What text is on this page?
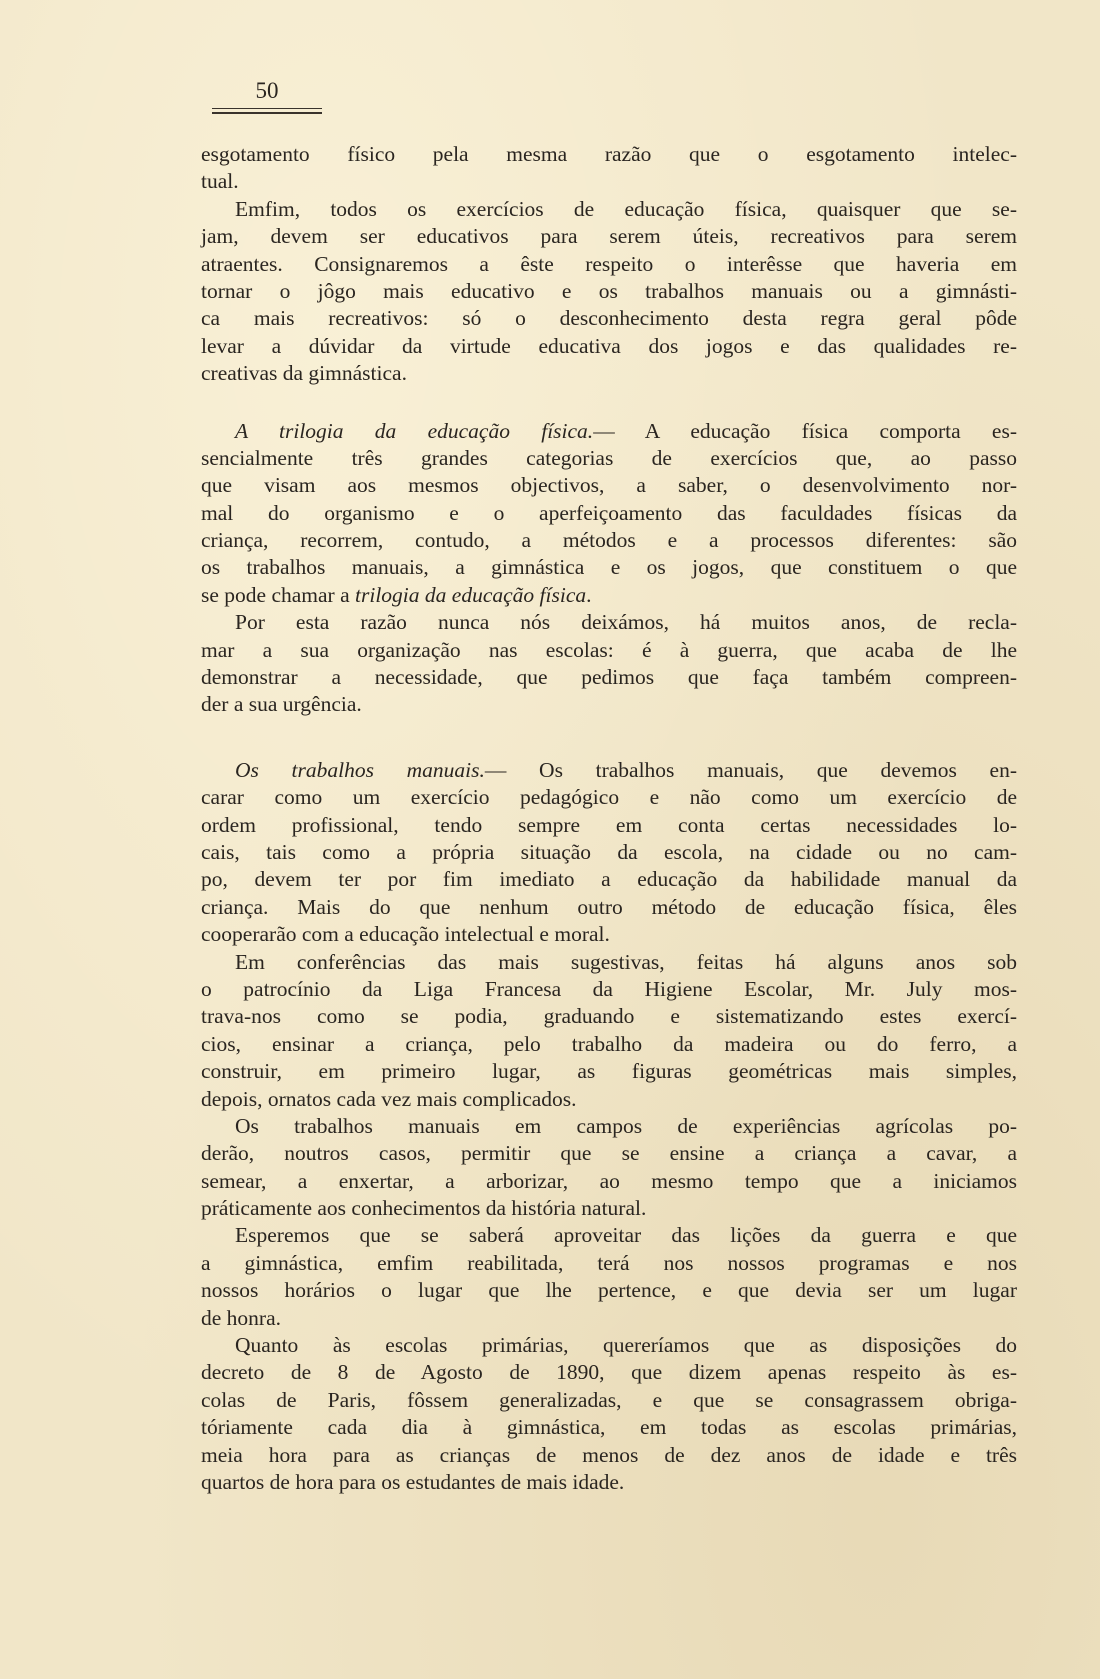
50
esgotamento físico pela mesma razão que o esgotamento intelec-
tual.
Emfim, todos os exercícios de educação física, quaisquer que se-
jam, devem ser educativos para serem úteis, recreativos para serem
atraentes. Consignaremos a êste respeito o interêsse que haveria em
tornar o jôgo mais educativo e os trabalhos manuais ou a gimnásti-
ca mais recreativos: só o desconhecimento desta regra geral pôde
levar a dúvidar da virtude educativa dos jogos e das qualidades re-
creativas da gimnástica.
A trilogia da educação física.— A educação física comporta es-
sencialmente três grandes categorias de exercícios que, ao passo
que visam aos mesmos objectivos, a saber, o desenvolvimento nor-
mal do organismo e o aperfeiçoamento das faculdades físicas da
criança, recorrem, contudo, a métodos e a processos diferentes: são
os trabalhos manuais, a gimnástica e os jogos, que constituem o que
se pode chamar a trilogia da educação física.
Por esta razão nunca nós deixámos, há muitos anos, de recla-
mar a sua organização nas escolas: é à guerra, que acaba de lhe
demonstrar a necessidade, que pedimos que faça também compreen-
der a sua urgência.
Os trabalhos manuais.— Os trabalhos manuais, que devemos en-
carar como um exercício pedagógico e não como um exercício de
ordem profissional, tendo sempre em conta certas necessidades lo-
cais, tais como a própria situação da escola, na cidade ou no cam-
po, devem ter por fim imediato a educação da habilidade manual da
criança. Mais do que nenhum outro método de educação física, êles
cooperarão com a educação intelectual e moral.
Em conferências das mais sugestivas, feitas há alguns anos sob
o patrocínio da Liga Francesa da Higiene Escolar, Mr. July mos-
trava-nos como se podia, graduando e sistematizando estes exercí-
cios, ensinar a criança, pelo trabalho da madeira ou do ferro, a
construir, em primeiro lugar, as figuras geométricas mais simples,
depois, ornatos cada vez mais complicados.
Os trabalhos manuais em campos de experiências agrícolas po-
derão, noutros casos, permitir que se ensine a criança a cavar, a
semear, a enxertar, a arborizar, ao mesmo tempo que a iniciamos
práticamente aos conhecimentos da história natural.
Esperemos que se saberá aproveitar das lições da guerra e que
a gimnástica, emfim reabilitada, terá nos nossos programas e nos
nossos horários o lugar que lhe pertence, e que devia ser um lugar
de honra.
Quanto às escolas primárias, quereríamos que as disposições do
decreto de 8 de Agosto de 1890, que dizem apenas respeito às es-
colas de Paris, fôssem generalizadas, e que se consagrassem obriga-
tóriamente cada dia à gimnástica, em todas as escolas primárias,
meia hora para as crianças de menos de dez anos de idade e três
quartos de hora para os estudantes de mais idade.
